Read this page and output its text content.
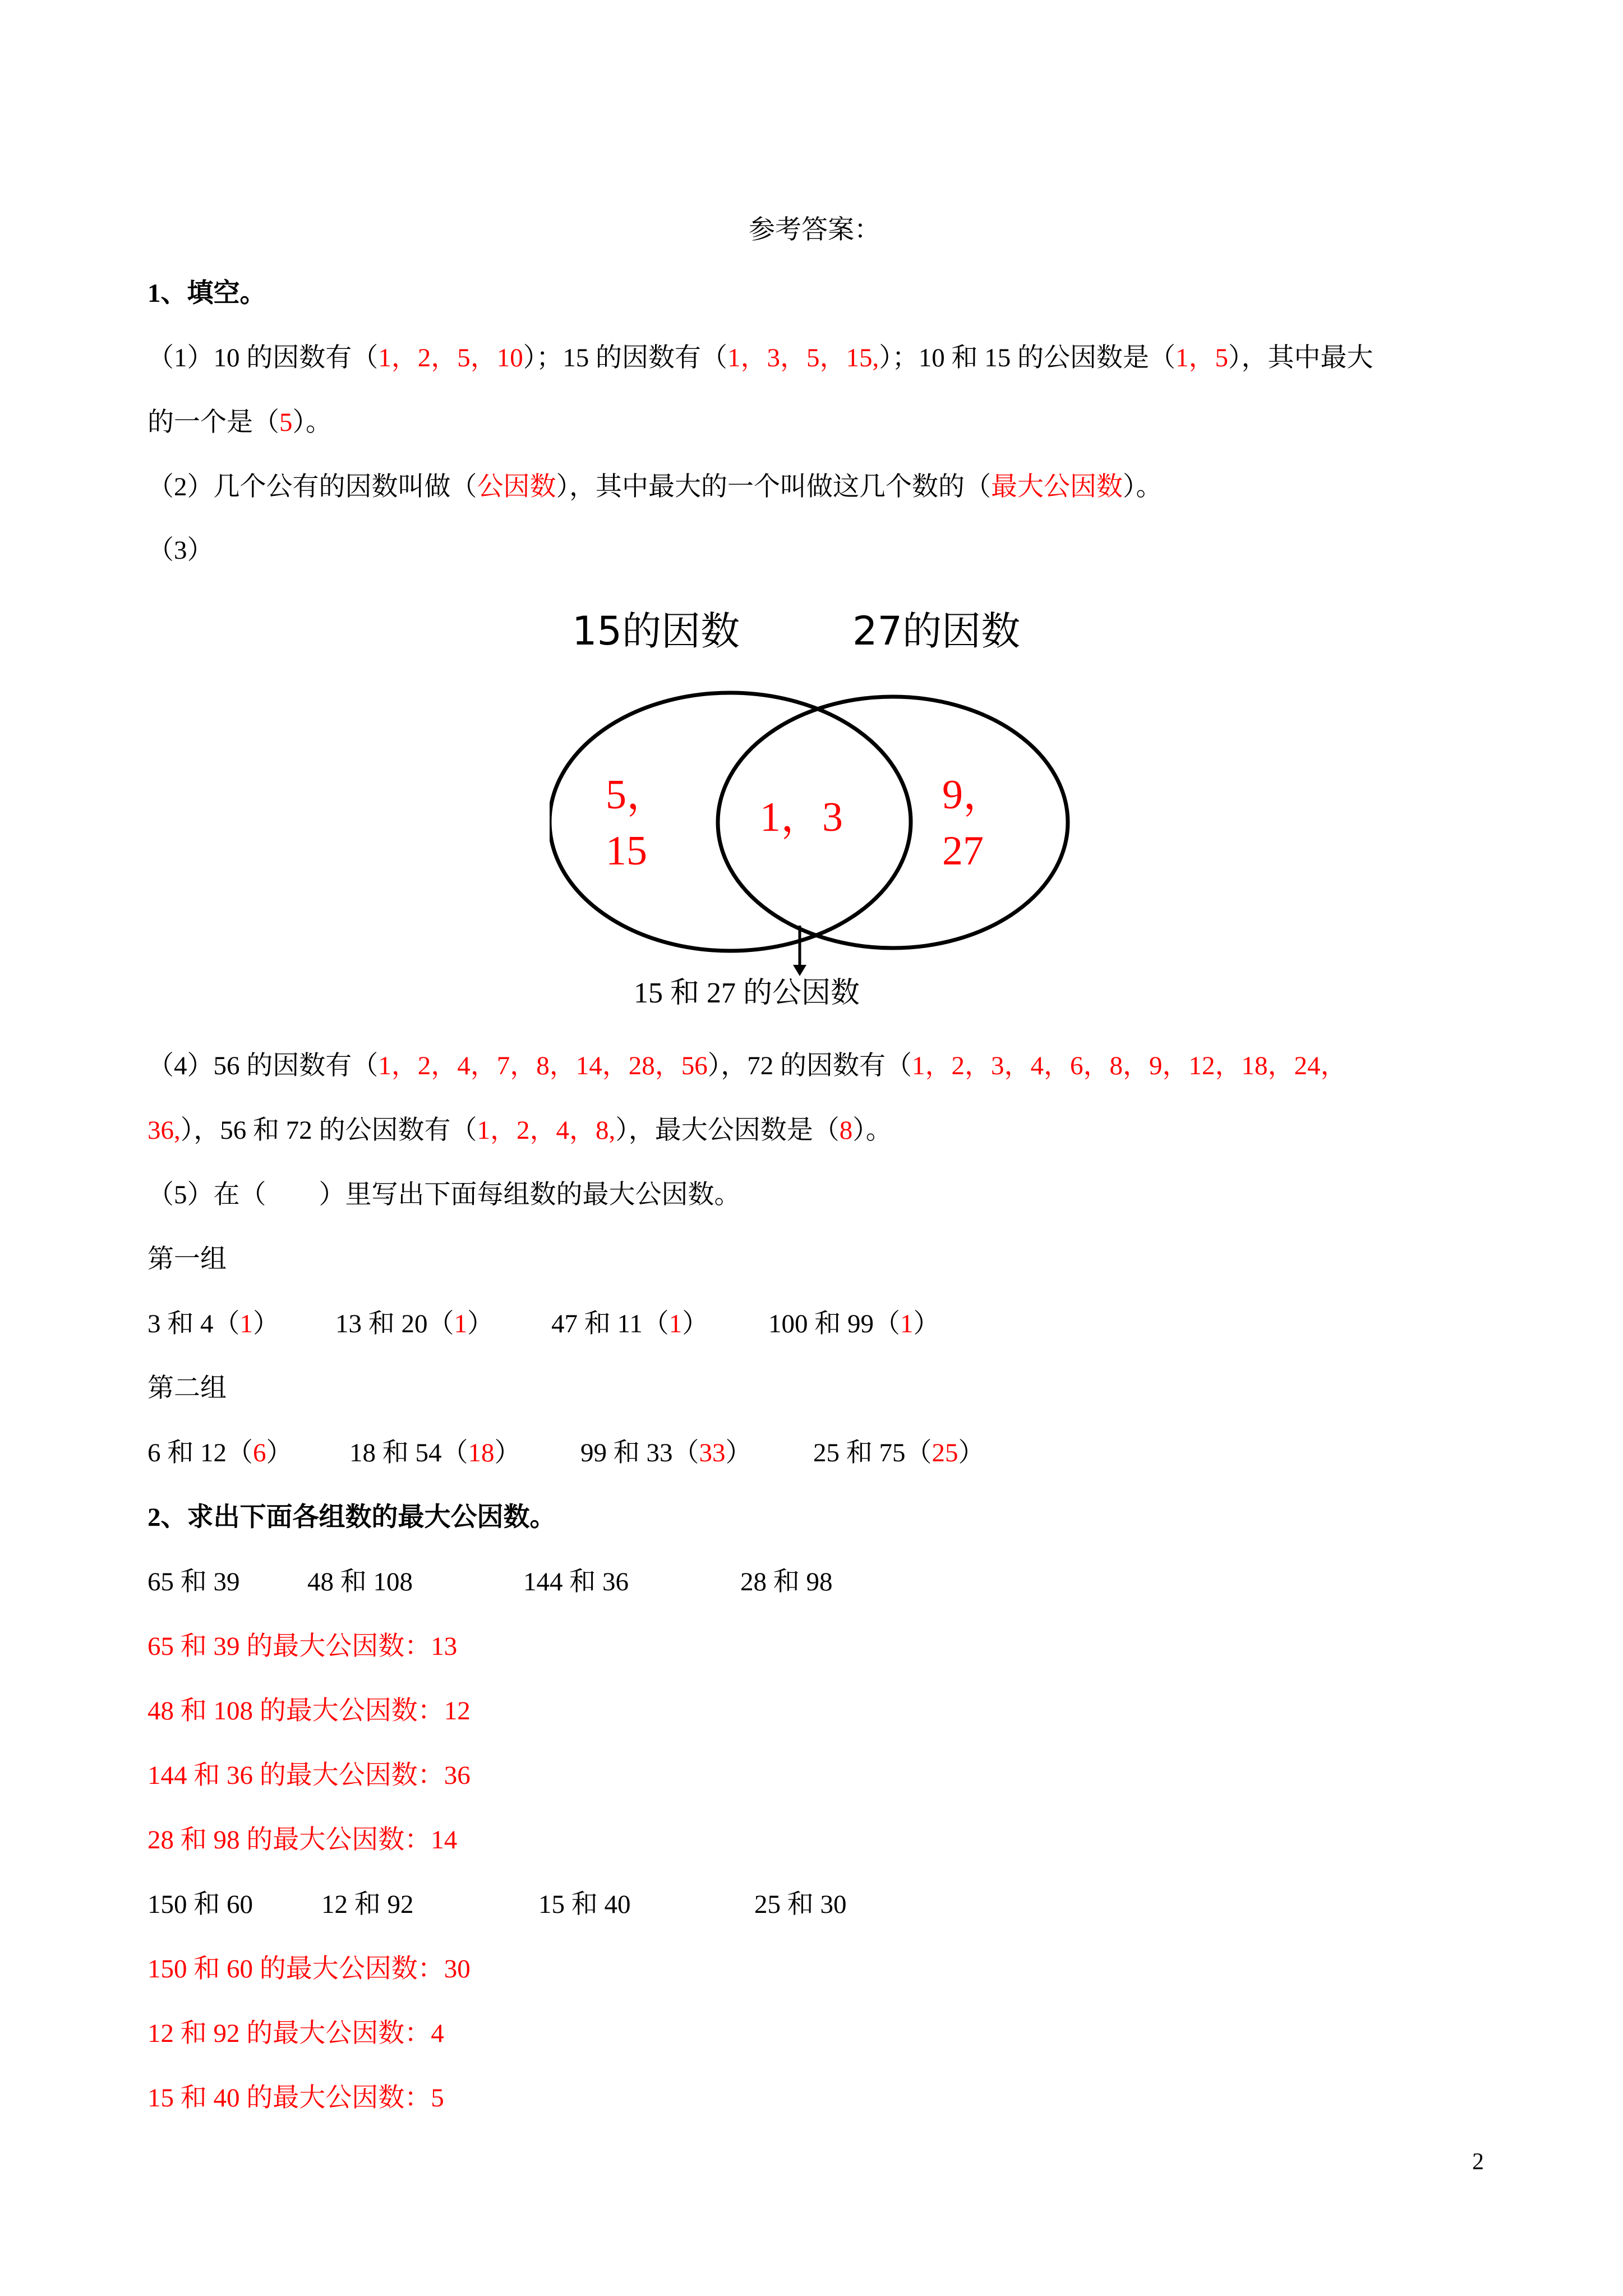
参考答案：
1、填空。
（1）10 的因数有（1，2，5，10）；15 的因数有（1，3，5，15,）；10 和 15 的公因数是（1，5），其中最大
的一个是（5）。
（2）几个公有的因数叫做（公因数），其中最大的一个叫做这几个数的（最大公因数）。
（3）
15的因数	27的因数
5，
15
1，3 9，
27
15 和 27 的公因数
（4）56 的因数有（1，2，4，7，8，14，28，56），72 的因数有（1，2，3，4，6，8，9，12，18，24，
36,），56 和 72 的公因数有（1，2，4，8,），最大公因数是（8）。
（5）在（　　）里写出下面每组数的最大公因数。
第一组
3 和 4（1） 13 和 20（1） 47 和 11（1） 100 和 99（1）
第二组
6 和 12（6） 18 和 54（18） 99 和 33（33） 25 和 75（25）
2、求出下面各组数的最大公因数。
65 和 39	48 和 108	144 和 36	28 和 98
65 和 39 的最大公因数：13
48 和 108 的最大公因数：12
144 和 36 的最大公因数：36
28 和 98 的最大公因数：14
150 和 60	12 和 92	15 和 40	25 和 30
150 和 60 的最大公因数：30
12 和 92 的最大公因数：4
15 和 40 的最大公因数：5
2
